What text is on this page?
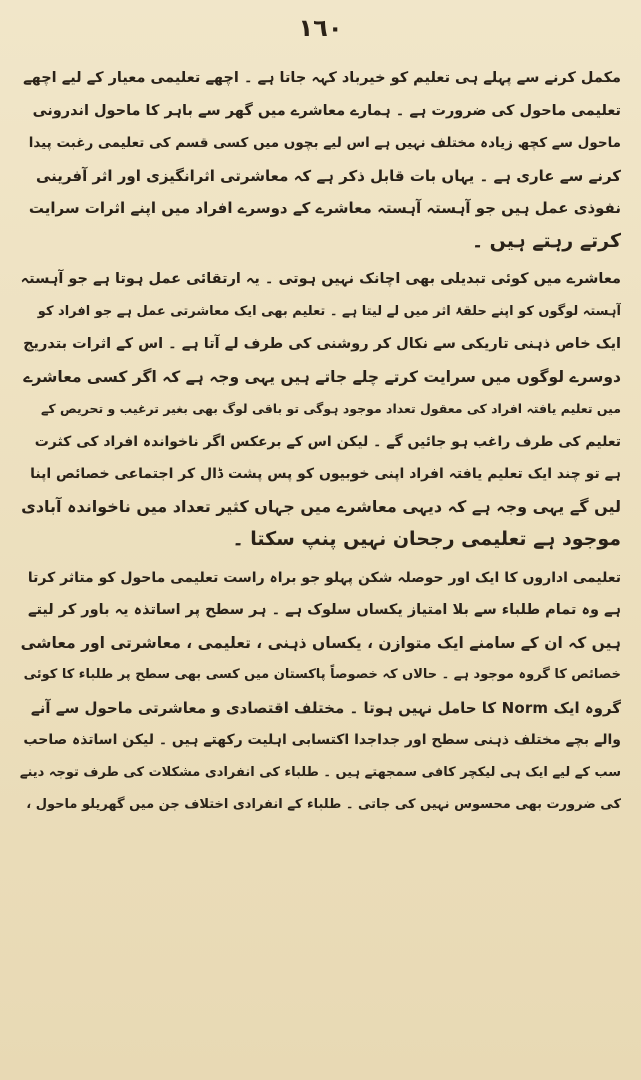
١٦٠
مکمل کرنے سے پہلے ہی تعلیم کو خیرباد کہہ جاتا ہے ۔ اچھے تعلیمی معیار کے لیے اچھے
تعلیمی ماحول کی ضرورت ہے ۔ ہمارے معاشرے میں گھر سے باہر کا ماحول اندرونی
ماحول سے کچھ زیادہ مختلف نہیں ہے اس لیے بچوں میں کسی قسم کی تعلیمی رغبت پیدا
کرنے سے عاری ہے ۔ یہاں بات قابل ذکر ہے کہ معاشرتی اثرانگیزی اور اثر آفرینی
نفوذی عمل ہیں جو آہستہ آہستہ معاشرے کے دوسرے افراد میں اپنے اثرات سرایت
کرتے رہتے ہیں ۔
معاشرے میں کوئی تبدیلی بھی اچانک نہیں ہوتی ۔ یہ ارتقائی عمل ہوتا ہے جو آہستہ
آہستہ لوگوں کو اپنے حلقۂ اثر میں لے لیتا ہے ۔ تعلیم بھی ایک معاشرتی عمل ہے جو افراد کو
ایک خاص ذہنی تاریکی سے نکال کر روشنی کی طرف لے آتا ہے ۔ اس کے اثرات بتدریج
دوسرے لوگوں میں سرایت کرتے چلے جاتے ہیں یہی وجہ ہے کہ اگر کسی معاشرے
میں تعلیم یافتہ افراد کی معقول تعداد موجود ہوگی تو باقی لوگ بھی بغیر ترغیب و تحریص کے
تعلیم کی طرف راغب ہو جائیں گے ۔ لیکن اس کے برعکس اگر ناخواندہ افراد کی کثرت
ہے تو چند ایک تعلیم یافتہ افراد اپنی خوبیوں کو پس پشت ڈال کر اجتماعی خصائص اپنا
لیں گے یہی وجہ ہے کہ دیہی معاشرے میں جہاں کثیر تعداد میں ناخواندہ آبادی
موجود ہے تعلیمی رجحان نہیں پنپ سکتا ۔
تعلیمی اداروں کا ایک اور حوصلہ شکن پہلو جو براہ راست تعلیمی ماحول کو متاثر کرتا
ہے وہ تمام طلباء سے بلا امتیاز یکساں سلوک ہے ۔ ہر سطح پر اساتذہ یہ باور کر لیتے
ہیں کہ ان کے سامنے ایک متوازن ، یکساں ذہنی ، تعلیمی ، معاشرتی اور معاشی
خصائص کا گروہ موجود ہے ۔ حالاں کہ خصوصاً پاکستان میں کسی بھی سطح پر طلباء کا کوئی
گروہ ایک Norm کا حامل نہیں ہوتا ۔ مختلف اقتصادی و معاشرتی ماحول سے آنے
والے بچے مختلف ذہنی سطح اور جداجدا اکتسابی اہلیت رکھتے ہیں ۔ لیکن اساتذہ صاحب
سب کے لیے ایک ہی لیکچر کافی سمجھتے ہیں ۔ طلباء کی انفرادی مشکلات کی طرف توجہ دینے
کی ضرورت بھی محسوس نہیں کی جاتی ۔ طلباء کے انفرادی اختلاف جن میں گھریلو ماحول ،
